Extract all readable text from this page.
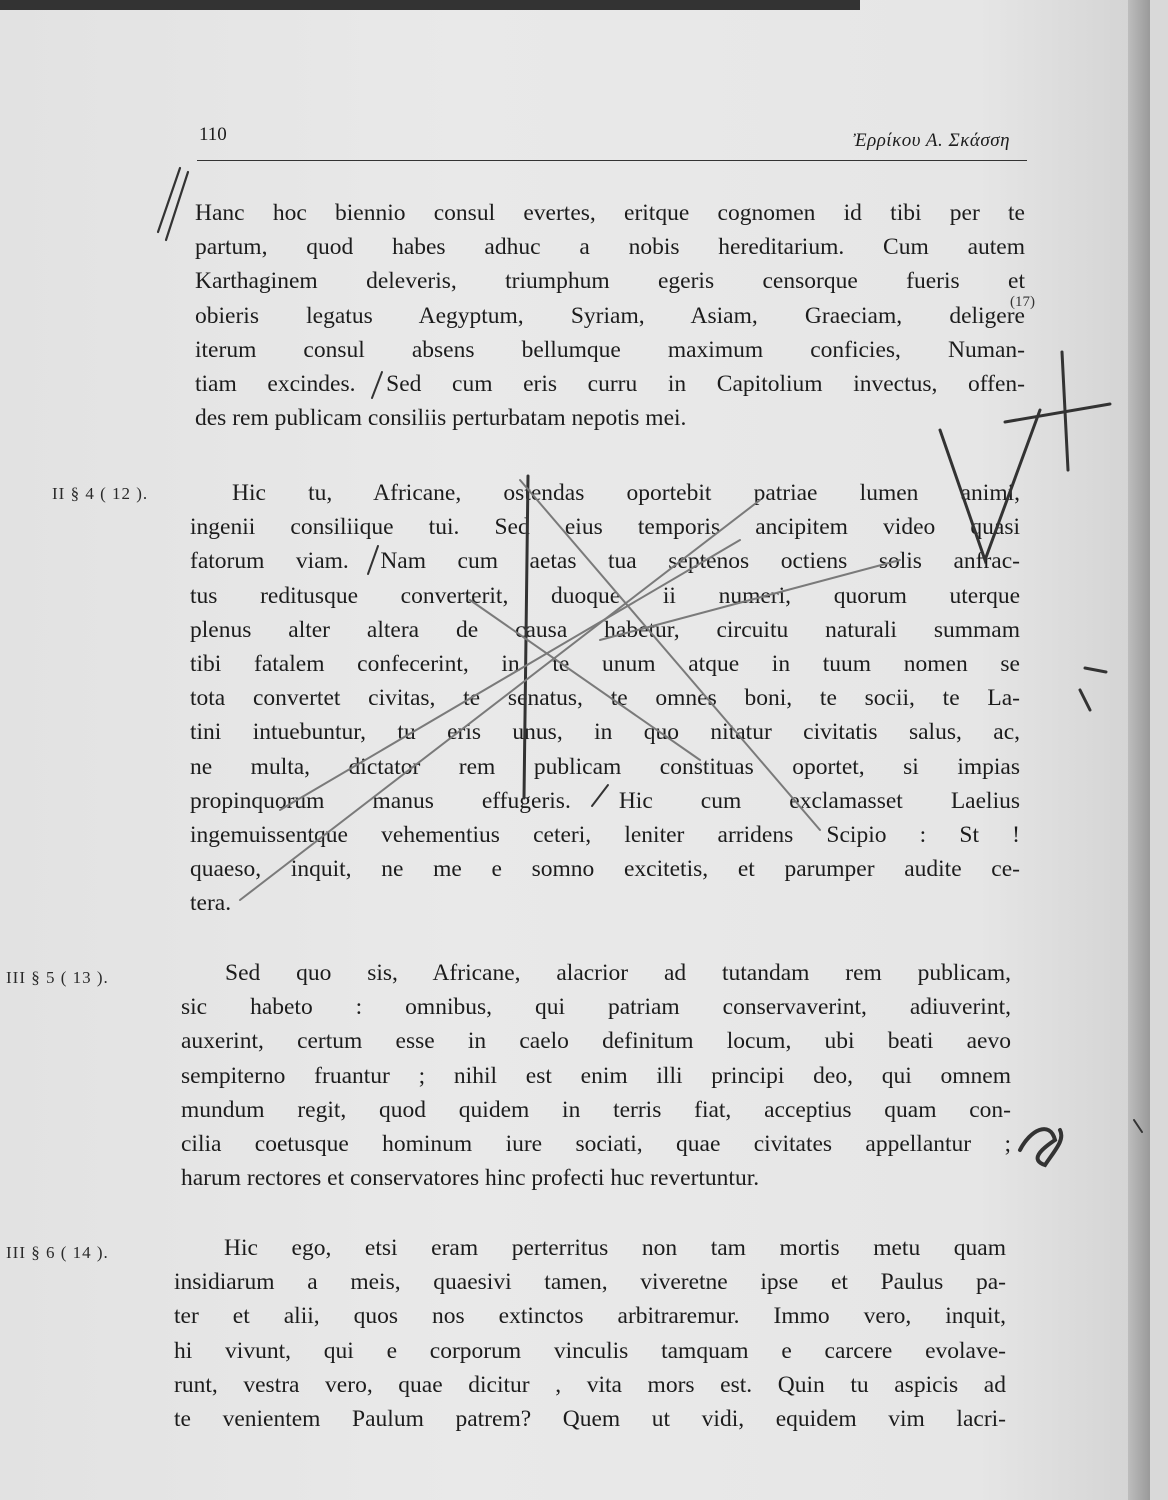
110	Ἐρρίκου Α. Σκάσση
Hanc hoc biennio consul evertes, eritque cognomen id tibi per te
partum, quod habes adhuc a nobis hereditarium. Cum autem
Karthaginem deleveris, triumphum egeris censorque fueris et
obieris legatus Aegyptum, Syriam, Asiam, Graeciam, deligere
iterum consul absens bellumque maximum conficies, Numan-
tiam excindes. Sed cum eris curru in Capitolium invectus, offen-
des rem publicam consiliis perturbatam nepotis mei.
II § 4 ( 12 ).	Hic tu, Africane, ostendas oportebit patriae lumen animi,
ingenii consiliique tui. Sed eius temporis ancipitem video quasi
fatorum viam. Nam cum aetas tua septenos octiens solis anfrac-
tus reditusque converterit, duoque ii numeri, quorum uterque
plenus alter altera de causa habetur, circuitu naturali summam
tibi fatalem confecerint, in te unum atque in tuum nomen se
tota convertet civitas, te senatus, te omnes boni, te socii, te La-
tini intuebuntur, tu eris unus, in quo nitatur civitatis salus, ac,
ne multa, dictator rem publicam constituas oportet, si impias
propinquorum manus effugeris. Hic cum exclamasset Laelius
ingemuissentque vehementius ceteri, leniter arridens Scipio : St !
quaeso, inquit, ne me e somno excitetis, et parumper audite ce-
tera.
III § 5 ( 13 ).	Sed quo sis, Africane, alacrior ad tutandam rem publicam,
sic habeto : omnibus, qui patriam conservaverint, adiuverint,
auxerint, certum esse in caelo definitum locum, ubi beati aevo
sempiterno fruantur ; nihil est enim illi principi deo, qui omnem
mundum regit, quod quidem in terris fiat, acceptius quam con-
cilia coetusque hominum iure sociati, quae civitates appellantur ;
harum rectores et conservatores hinc profecti huc revertuntur.
III § 6 ( 14 ).	Hic ego, etsi eram perterritus non tam mortis metu quam
insidiarum a meis, quaesivi tamen, viveretne ipse et Paulus pa-
ter et alii, quos nos extinctos arbitraremur. Immo vero, inquit,
hi vivunt, qui e corporum vinculis tamquam e carcere evolave-
runt, vestra vero, quae dicitur , vita mors est. Quin tu aspicis ad
te venientem Paulum patrem? Quem ut vidi, equidem vim lacri-
(17)
